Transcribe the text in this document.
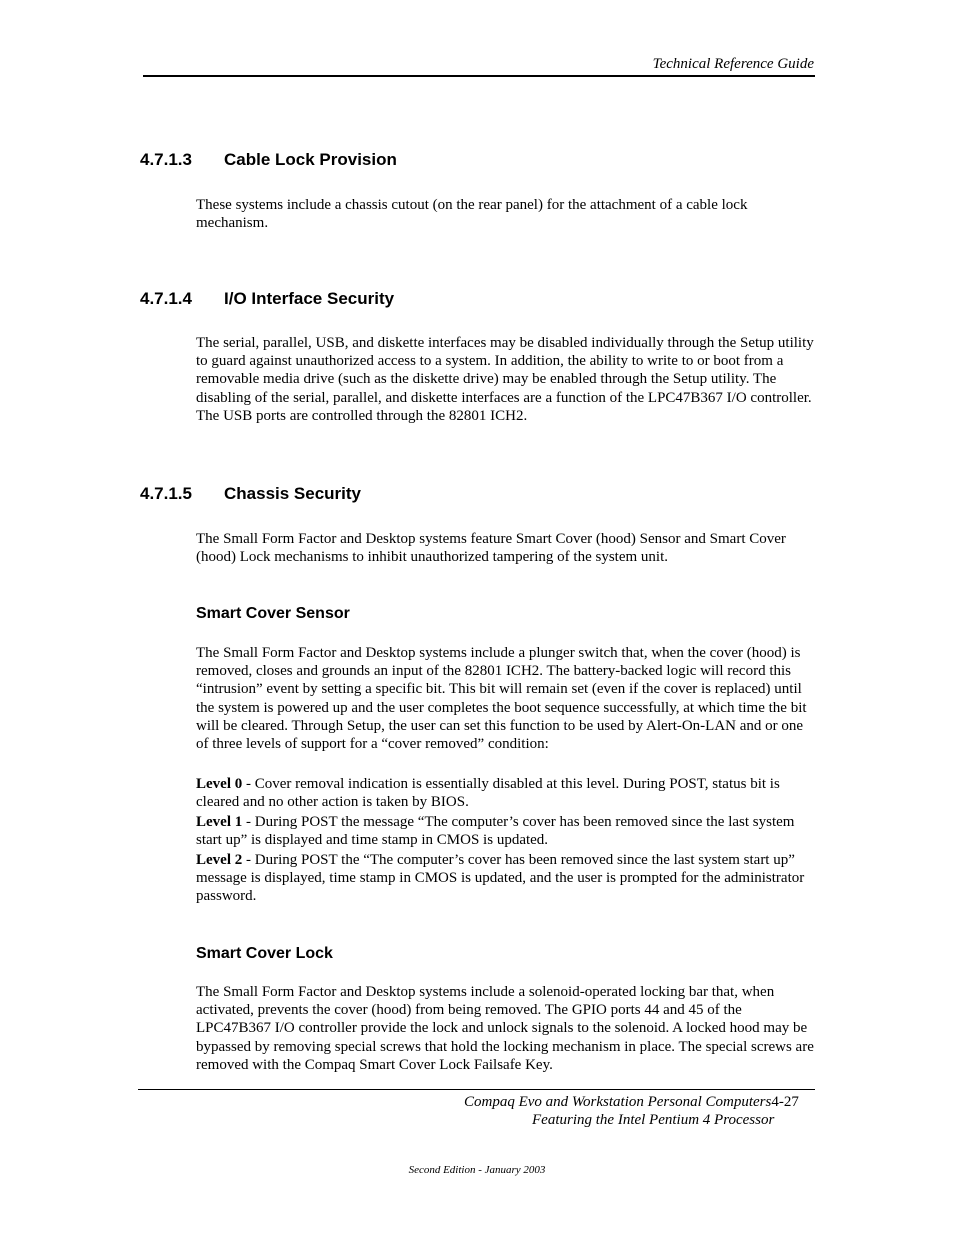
Technical Reference Guide
4.7.1.3 Cable Lock Provision

These systems include a chassis cutout (on the rear panel) for the attachment of a cable lock mechanism.

4.7.1.4 I/O Interface Security

The serial, parallel, USB, and diskette interfaces may be disabled individually through the Setup utility to guard against unauthorized access to a system. In addition, the ability to write to or boot from a removable media drive (such as the diskette drive) may be enabled through the Setup utility. The disabling of the serial, parallel, and diskette interfaces are a function of the LPC47B367 I/O controller. The USB ports are controlled through the 82801 ICH2.

4.7.1.5 Chassis Security

The Small Form Factor and Desktop systems feature Smart Cover (hood) Sensor and Smart Cover (hood) Lock mechanisms to inhibit unauthorized tampering of the system unit.

Smart Cover Sensor

The Small Form Factor and Desktop systems include a plunger switch that, when the cover (hood) is removed, closes and grounds an input of the 82801 ICH2. The battery-backed logic will record this “intrusion” event by setting a specific bit. This bit will remain set (even if the cover is replaced) until the system is powered up and the user completes the boot sequence successfully, at which time the bit will be cleared. Through Setup, the user can set this function to be used by Alert-On-LAN and or one of three levels of support for a “cover removed” condition:

Level 0 - Cover removal indication is essentially disabled at this level. During POST, status bit is cleared and no other action is taken by BIOS.

Level 1 - During POST the message “The computer’s cover has been removed since the last system start up” is displayed and time stamp in CMOS is updated.

Level 2 - During POST the “The computer’s cover has been removed since the last system start up” message is displayed, time stamp in CMOS is updated, and the user is prompted for the administrator password.

Smart Cover Lock

The Small Form Factor and Desktop systems include a solenoid-operated locking bar that, when activated, prevents the cover (hood) from being removed. The GPIO ports 44 and 45 of the LPC47B367 I/O controller provide the lock and unlock signals to the solenoid. A locked hood may be bypassed by removing special screws that hold the locking mechanism in place. The special screws are removed with the Compaq Smart Cover Lock Failsafe Key.

Compaq Evo and Workstation Personal Computers4-27
Featuring the Intel Pentium 4 Processor
Second Edition - January 2003
